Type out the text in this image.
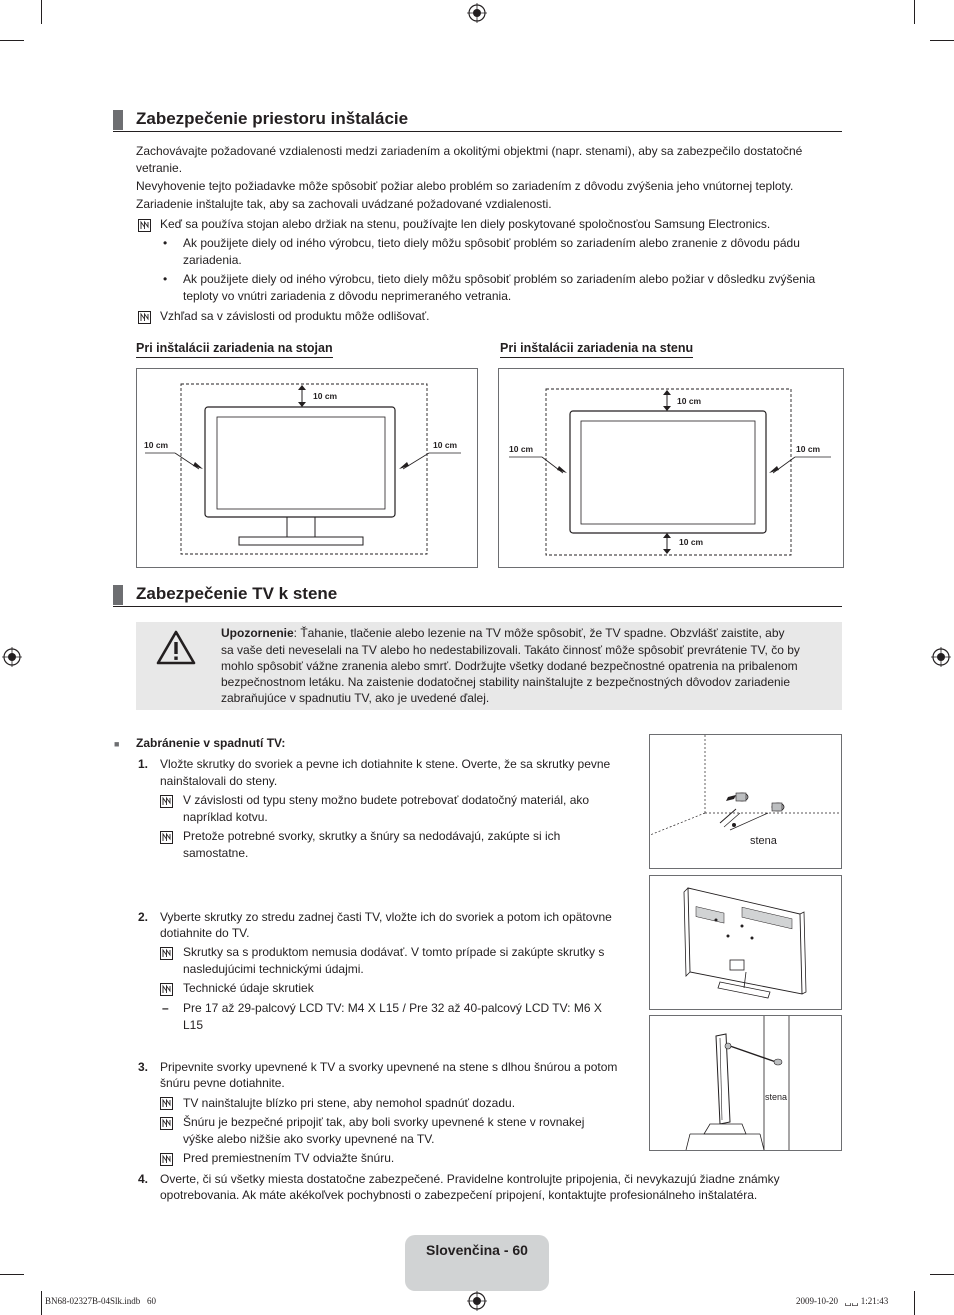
Zabezpečenie priestoru inštalácie
Zachovávajte požadované vzdialenosti medzi zariadením a okolitými objektmi (napr. stenami), aby sa zabezpečilo dostatočné
vetranie.
Nevyhovenie tejto požiadavke môže spôsobiť požiar alebo problém so zariadením z dôvodu zvýšenia jeho vnútornej teploty.
Zariadenie inštalujte tak, aby sa zachovali uvádzané požadované vzdialenosti.
Keď sa používa stojan alebo držiak na stenu, používajte len diely poskytované spoločnosťou Samsung Electronics.
• Ak použijete diely od iného výrobcu, tieto diely môžu spôsobiť problém so zariadením alebo zranenie z dôvodu pádu
zariadenia.
• Ak použijete diely od iného výrobcu, tieto diely môžu spôsobiť problém so zariadením alebo požiar v dôsledku zvýšenia
teploty vo vnútri zariadenia z dôvodu neprimeraného vetrania.
Vzhľad sa v závislosti od produktu môže odlišovať.
Pri inštalácii zariadenia na stojan	Pri inštalácii zariadenia na stenu
10 cm
10 cm	10 cm
10 cm
10 cm
10 cm	10 cm
Zabezpečenie TV k stene
Upozornenie: Ťahanie, tlačenie alebo lezenie na TV môže spôsobiť, že TV spadne. Obzvlášť zaistite, aby
sa vaše deti neveselali na TV alebo ho nedestabilizovali. Takáto činnosť môže spôsobiť prevrátenie TV, čo by
mohlo spôsobiť vážne zranenia alebo smrť. Dodržujte všetky dodané bezpečnostné opatrenia na pribalenom
bezpečnostnom letáku. Na zaistenie dodatočnej stability nainštalujte z bezpečnostných dôvodov zariadenie
zabraňujúce v spadnutiu TV, ako je uvedené ďalej.
■ Zabránenie v spadnutí TV:
1. Vložte skrutky do svoriek a pevne ich dotiahnite k stene. Overte, že sa skrutky pevne
nainštalovali do steny.
V závislosti od typu steny možno budete potrebovať dodatočný materiál, ako
napríklad kotvu.
Pretože potrebné svorky, skrutky a šnúry sa nedodávajú, zakúpte si ich
samostatne.
2. Vyberte skrutky zo stredu zadnej časti TV, vložte ich do svoriek a potom ich opätovne
dotiahnite do TV.
Skrutky sa s produktom nemusia dodávať. V tomto prípade si zakúpte skrutky s
nasledujúcimi technickými údajmi.
Technické údaje skrutiek
– Pre 17 až 29-palcový LCD TV: M4 X L15 / Pre 32 až 40-palcový LCD TV: M6 X
L15
3. Pripevnite svorky upevnené k TV a svorky upevnené na stene s dlhou šnúrou a potom
šnúru pevne dotiahnite.
TV nainštalujte blízko pri stene, aby nemohol spadnúť dozadu.
Šnúru je bezpečné pripojiť tak, aby boli svorky upevnené k stene v rovnakej
výške alebo nižšie ako svorky upevnené na TV.
Pred premiestnením TV odviažte šnúru.
4. Overte, či sú všetky miesta dostatočne zabezpečené. Pravidelne kontrolujte pripojenia, či nevykazujú žiadne známky
opotrebovania. Ak máte akékoľvek pochybnosti o zabezpečení pripojení, kontaktujte profesionálneho inštalatéra.
stena
stena
Slovenčina - 60
BN68-02327B-04Slk.indb   60	2009-10-20   ␣␣ 1:21:43
